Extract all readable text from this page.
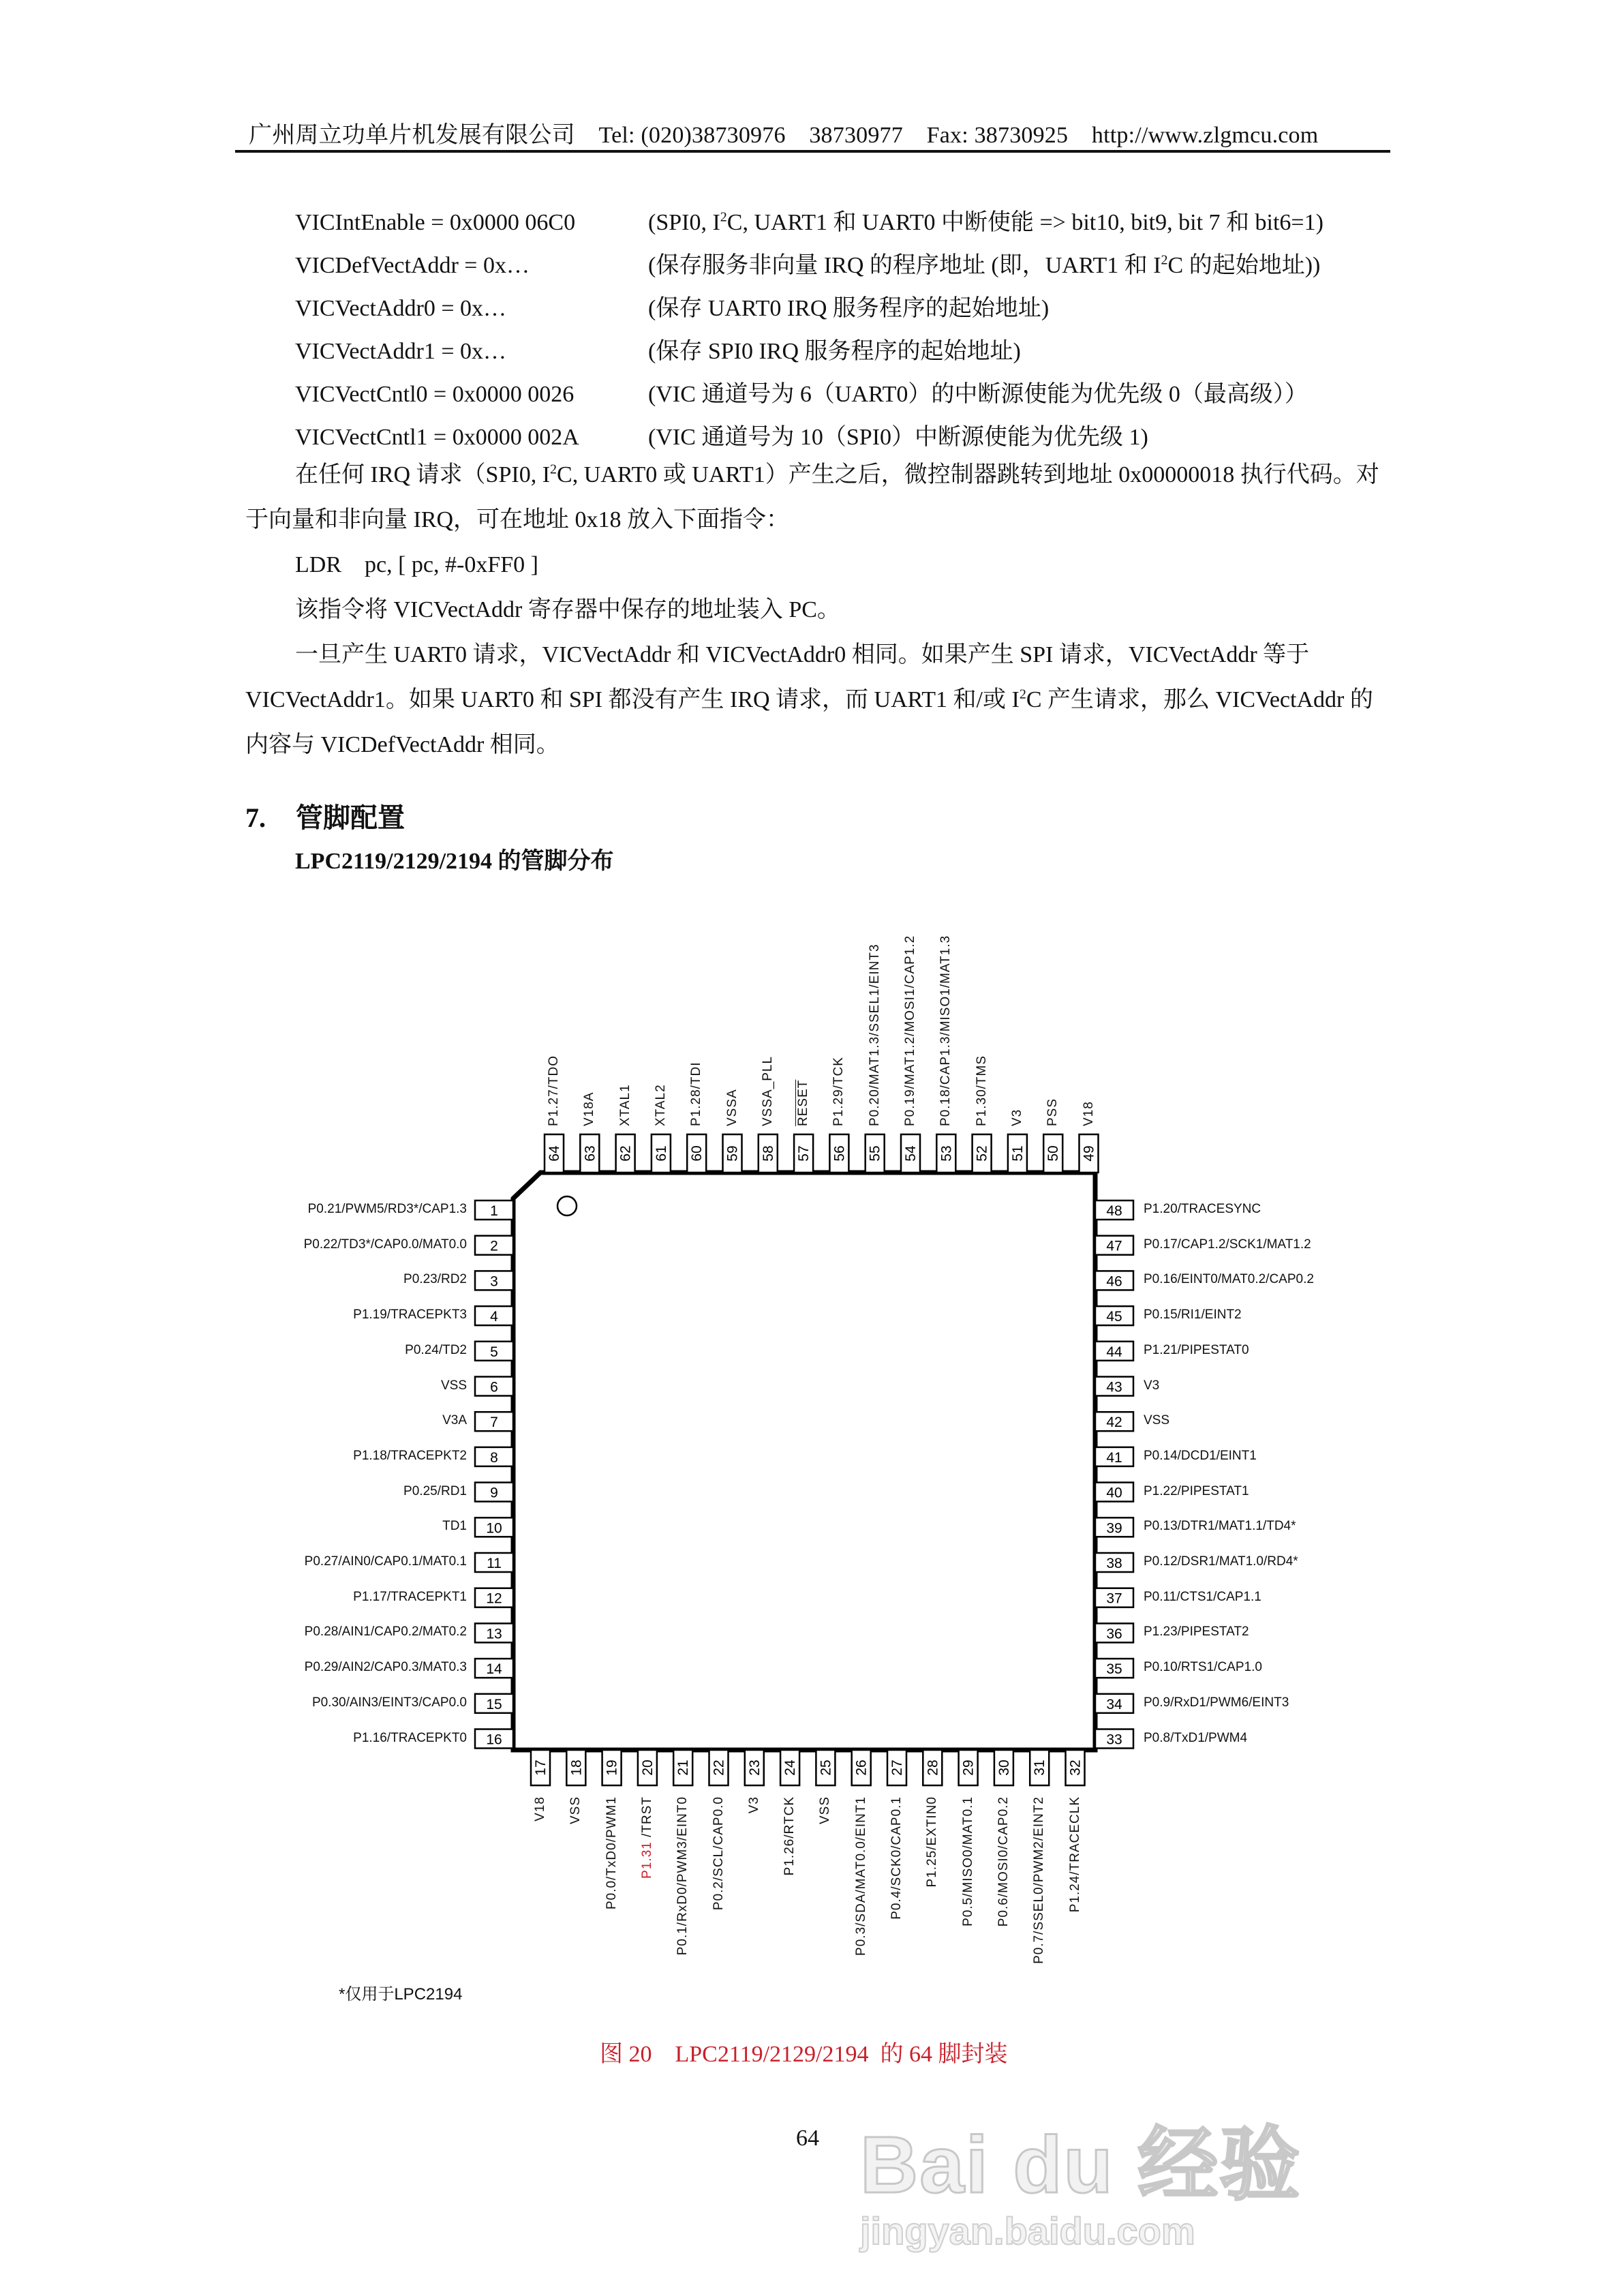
广州周立功单片机发展有限公司 Tel: (020)38730976 38730977 Fax: 38730925 http://www.zlgmcu.com
VICIntEnable = 0x0000 06C0	(SPI0, $I^2C$, UART1 和 UART0 中断使能 => bit10, bit9, bit 7 和 bit6=1)
VICDefVectAddr = 0x…	(保存服务非向量 IRQ 的程序地址 (即，UART1 和 $I^2C$ 的起始地址))
VICVectAddr0 = 0x…	(保存 UART0 IRQ 服务程序的起始地址)
VICVectAddr1 = 0x…	(保存 SPI0 IRQ 服务程序的起始地址)
VICVectCntl0 = 0x0000 0026	(VIC 通道号为 6（UART0）的中断源使能为优先级 0（最高级））
VICVectCntl1 = 0x0000 002A	(VIC 通道号为 10（SPI0）中断源使能为优先级 1)

在任何 IRQ 请求（SPI0, $I^2C$, UART0 或 UART1）产生之后，微控制器跳转到地址 0x00000018 执行代码。对于向量和非向量 IRQ，可在地址 0x18 放入下面指令：

LDR    pc, [ pc, #-0xFF0 ]

该指令将 VICVectAddr 寄存器中保存的地址装入 PC。

一旦产生 UART0 请求，VICVectAddr 和 VICVectAddr0 相同。如果产生 SPI 请求，VICVectAddr 等于 VICVectAddr1。如果 UART0 和 SPI 都没有产生 IRQ 请求，而 UART1 和/或 $I^2C$ 产生请求，那么 VICVectAddr 的内容与 VICDefVectAddr 相同。

7. 管脚配置
LPC2119/2129/2194 的管脚分布
1
2
3
4
5
6
7
8
9
10
11
12
13
14
15
16
48
47
46
45
44
43
42
41
40
39
38
37
36
35
34
33
64 63 62 61 60 59 58 57 56 55 54 53 52 51 50 49
17 18 19 20 21 22 23 24 25 26 27 28 29 30 31 32
P0.21/PWM5/RD3*/CAP1.3
P0.22/TD3*/CAP0.0/MAT0.0
P0.23/RD2
P1.19/TRACEPKT3
P0.24/TD2
VSS
V3A
P1.18/TRACEPKT2
P0.25/RD1
TD1
P0.27/AIN0/CAP0.1/MAT0.1
P1.17/TRACEPKT1
P0.28/AIN1/CAP0.2/MAT0.2
P0.29/AIN2/CAP0.3/MAT0.3
P0.30/AIN3/EINT3/CAP0.0
P1.16/TRACEPKT0
P1.20/TRACESYNC
P0.17/CAP1.2/SCK1/MAT1.2
P0.16/EINT0/MAT0.2/CAP0.2
P0.15/RI1/EINT2
P1.21/PIPESTAT0
V3
VSS
P0.14/DCD1/EINT1
P1.22/PIPESTAT1
P0.13/DTR1/MAT1.1/TD4*
P0.12/DSR1/MAT1.0/RD4*
P0.11/CTS1/CAP1.1
P1.23/PIPESTAT2
P0.10/RTS1/CAP1.0
P0.9/RxD1/PWM6/EINT3
P0.8/TxD1/PWM4
P1.27/TDO V18A XTAL1 XTAL2 P1.28/TDI VSSA VSSA_PLL RESET P1.29/TCK P0.20/MAT1.3/SSEL1/EINT3 P0.19/MAT1.2/MOSI1/CAP1.2 P0.18/CAP1.3/MISO1/MAT1.3 P1.30/TMS V3 PSS V18
V18 VSS P0.0/TxD0/PWM1 P1.31 /TRST P0.1/RxD0/PWM3/EINT0 P0.2/SCL/CAP0.0 V3 P1.26/RTCK VSS P0.3/SDA/MAT0.0/EINT1 P0.4/SCK0/CAP0.1 P1.25/EXTIN0 P0.5/MISO0/MAT0.1 P0.6/MOSI0/CAP0.2 P0.7/SSEL0/PWM2/EINT2 P1.24/TRACECLK
*仅用于LPC2194
图 20    LPC2119/2129/2194  的 64 脚封装
64 Bai du 经验
jingyan.baidu.com
